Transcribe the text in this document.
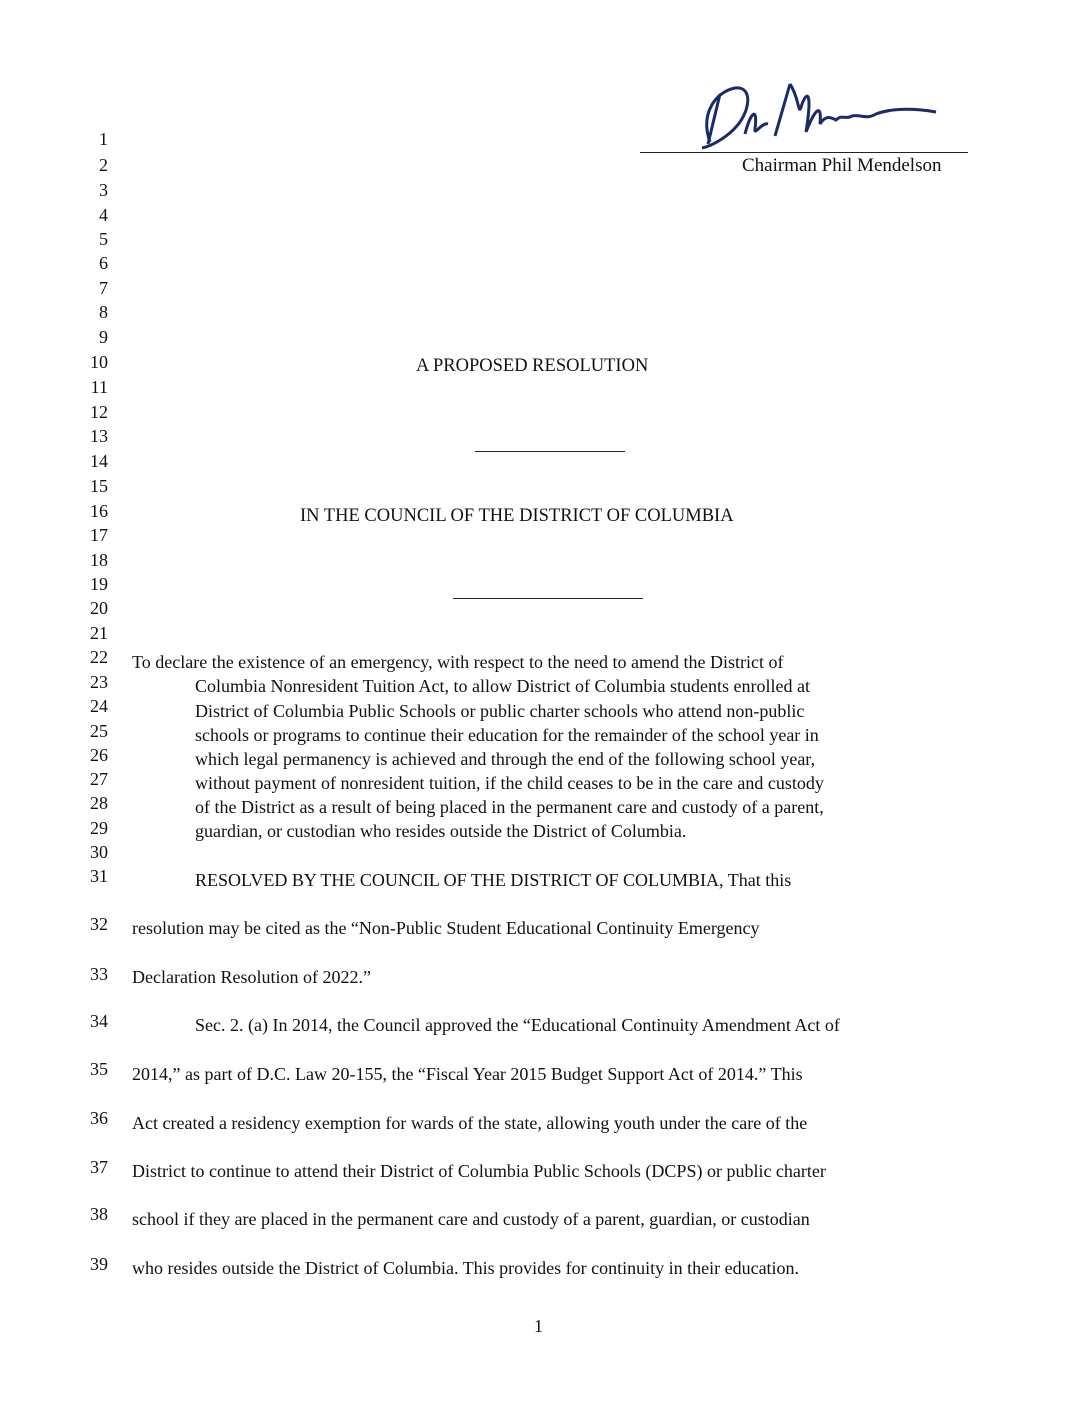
Chairman Phil Mendelson
1
2
3
4
5
6
7
8
9
10
11
12
13
14
15
16
17
18
19
20
21
22
23
24
25
26
27
28
29
30
31
32
33
34
35
36
37
38
39
A PROPOSED RESOLUTION
IN THE COUNCIL OF THE DISTRICT OF COLUMBIA
To declare the existence of an emergency, with respect to the need to amend the District of
Columbia Nonresident Tuition Act, to allow District of Columbia students enrolled at
District of Columbia Public Schools or public charter schools who attend non-public
schools or programs to continue their education for the remainder of the school year in
which legal permanency is achieved and through the end of the following school year,
without payment of nonresident tuition, if the child ceases to be in the care and custody
of the District as a result of being placed in the permanent care and custody of a parent,
guardian, or custodian who resides outside the District of Columbia.
RESOLVED BY THE COUNCIL OF THE DISTRICT OF COLUMBIA, That this
resolution may be cited as the “Non-Public Student Educational Continuity Emergency
Declaration Resolution of 2022.”
Sec. 2. (a) In 2014, the Council approved the “Educational Continuity Amendment Act of
2014,” as part of D.C. Law 20-155, the “Fiscal Year 2015 Budget Support Act of 2014.” This
Act created a residency exemption for wards of the state, allowing youth under the care of the
District to continue to attend their District of Columbia Public Schools (DCPS) or public charter
school if they are placed in the permanent care and custody of a parent, guardian, or custodian
who resides outside the District of Columbia. This provides for continuity in their education.
1
